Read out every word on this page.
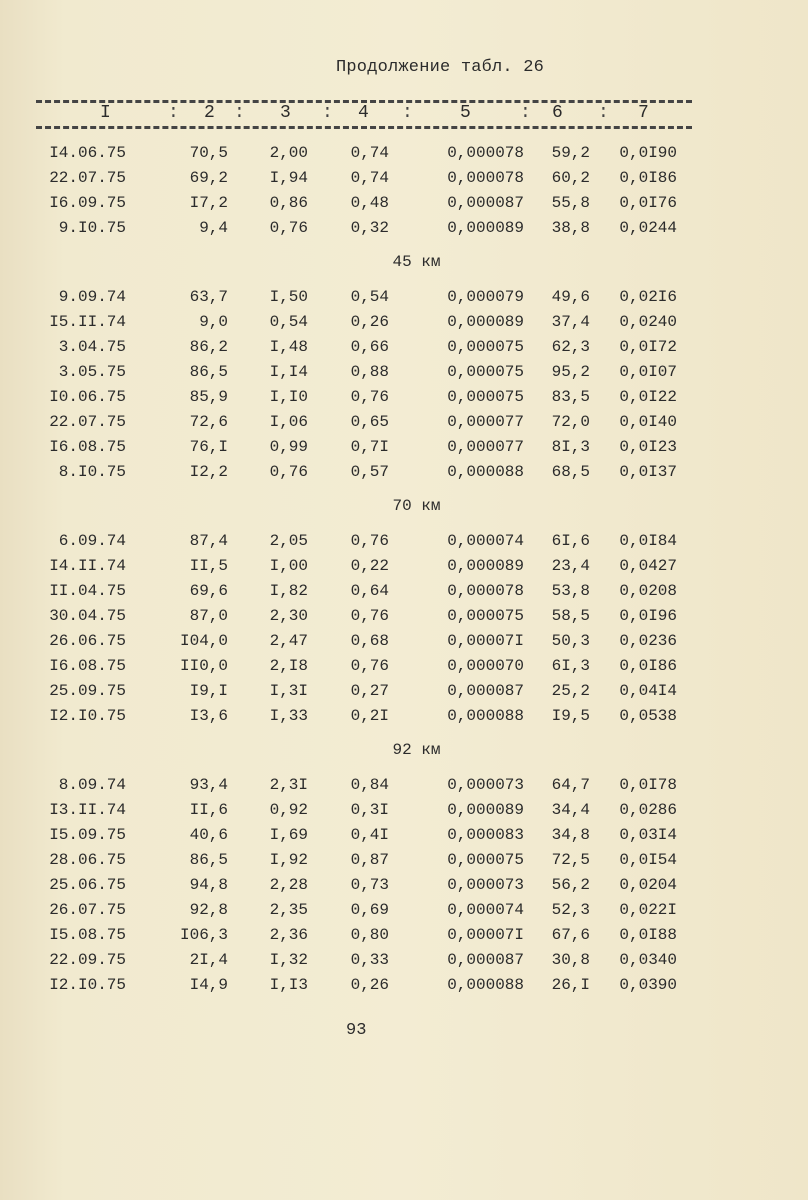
Продолжение табл. 26
I	: 2 : 3 : 4 :	5	: 6 : 7
I4.06.75	70,5	2,00	0,74	0,000078	59,2	0,0I90
22.07.75	69,2	I,94	0,74	0,000078	60,2	0,0I86
I6.09.75	I7,2	0,86	0,48	0,000087	55,8	0,0I76
9.I0.75	9,4	0,76	0,32	0,000089	38,8	0,0244
45 км						
9.09.74	63,7	I,50	0,54	0,000079	49,6	0,02I6
I5.II.74	9,0	0,54	0,26	0,000089	37,4	0,0240
3.04.75	86,2	I,48	0,66	0,000075	62,3	0,0I72
3.05.75	86,5	I,I4	0,88	0,000075	95,2	0,0I07
I0.06.75	85,9	I,I0	0,76	0,000075	83,5	0,0I22
22.07.75	72,6	I,06	0,65	0,000077	72,0	0,0I40
I6.08.75	76,I	0,99	0,7I	0,000077	8I,3	0,0I23
8.I0.75	I2,2	0,76	0,57	0,000088	68,5	0,0I37
70 км						
6.09.74	87,4	2,05	0,76	0,000074	6I,6	0,0I84
I4.II.74	II,5	I,00	0,22	0,000089	23,4	0,0427
II.04.75	69,6	I,82	0,64	0,000078	53,8	0,0208
30.04.75	87,0	2,30	0,76	0,000075	58,5	0,0I96
26.06.75	I04,0	2,47	0,68	0,00007I	50,3	0,0236
I6.08.75	II0,0	2,I8	0,76	0,000070	6I,3	0,0I86
25.09.75	I9,I	I,3I	0,27	0,000087	25,2	0,04I4
I2.I0.75	I3,6	I,33	0,2I	0,000088	I9,5	0,0538
92 км						
8.09.74	93,4	2,3I	0,84	0,000073	64,7	0,0I78
I3.II.74	II,6	0,92	0,3I	0,000089	34,4	0,0286
I5.09.75	40,6	I,69	0,4I	0,000083	34,8	0,03I4
28.06.75	86,5	I,92	0,87	0,000075	72,5	0,0I54
25.06.75	94,8	2,28	0,73	0,000073	56,2	0,0204
26.07.75	92,8	2,35	0,69	0,000074	52,3	0,022I
I5.08.75	I06,3	2,36	0,80	0,00007I	67,6	0,0I88
22.09.75	2I,4	I,32	0,33	0,000087	30,8	0,0340
I2.I0.75	I4,9	I,I3	0,26	0,000088	26,I	0,0390
93
